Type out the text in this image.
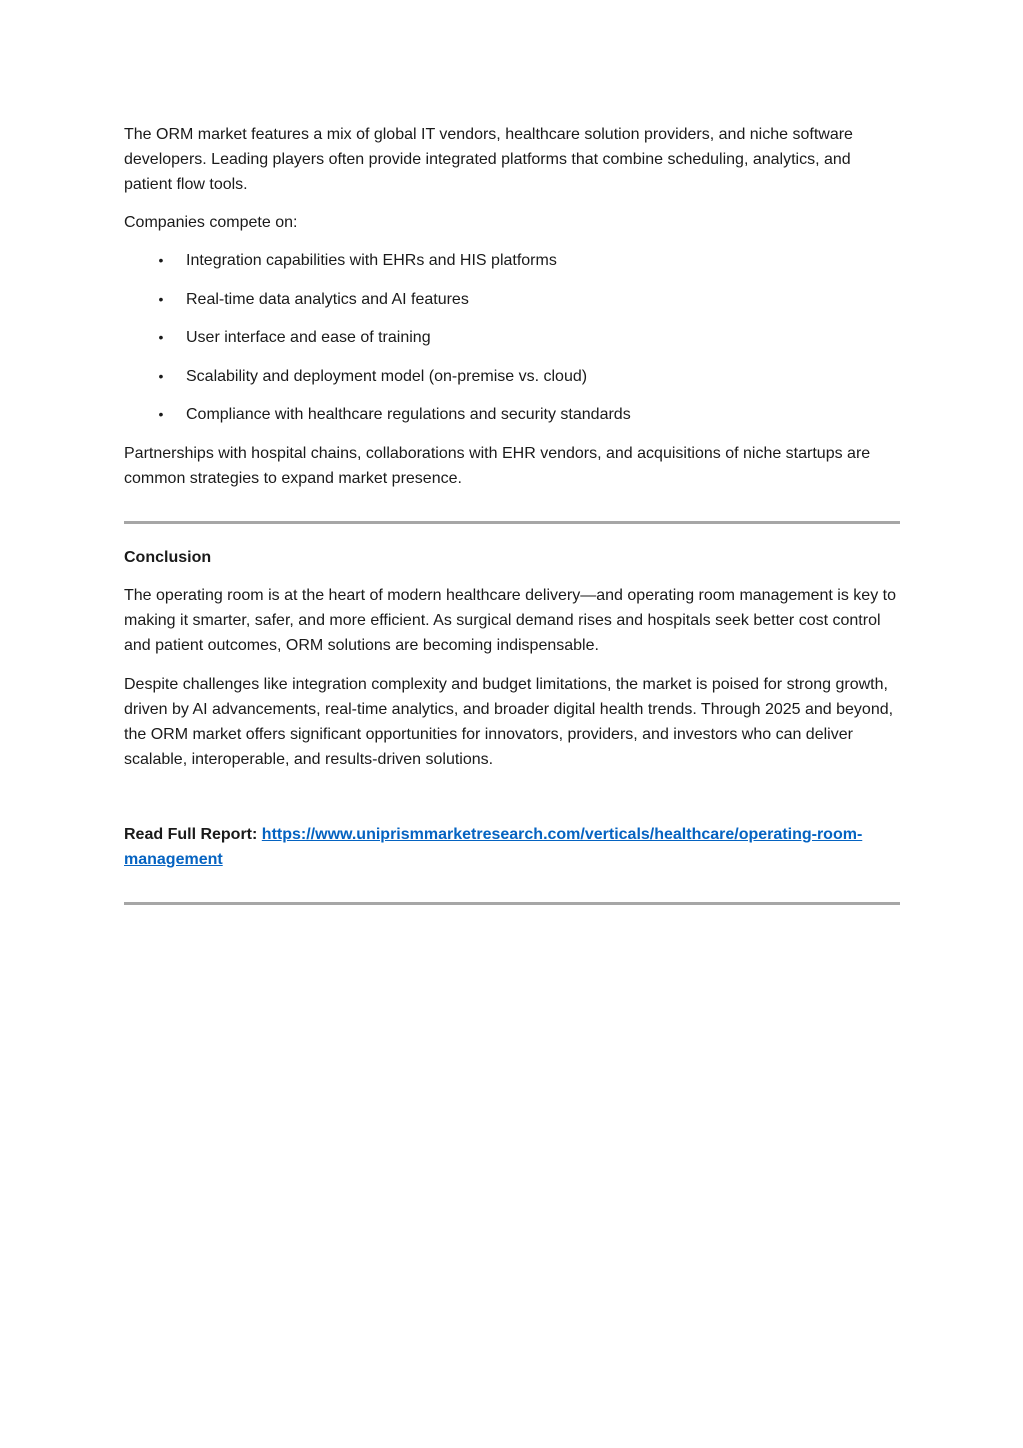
The ORM market features a mix of global IT vendors, healthcare solution providers, and niche software developers. Leading players often provide integrated platforms that combine scheduling, analytics, and patient flow tools.

Companies compete on:

• Integration capabilities with EHRs and HIS platforms
• Real-time data analytics and AI features
• User interface and ease of training
• Scalability and deployment model (on-premise vs. cloud)
• Compliance with healthcare regulations and security standards

Partnerships with hospital chains, collaborations with EHR vendors, and acquisitions of niche startups are common strategies to expand market presence.

Conclusion

The operating room is at the heart of modern healthcare delivery—and operating room management is key to making it smarter, safer, and more efficient. As surgical demand rises and hospitals seek better cost control and patient outcomes, ORM solutions are becoming indispensable.

Despite challenges like integration complexity and budget limitations, the market is poised for strong growth, driven by AI advancements, real-time analytics, and broader digital health trends. Through 2025 and beyond, the ORM market offers significant opportunities for innovators, providers, and investors who can deliver scalable, interoperable, and results-driven solutions.

Read Full Report: https://www.uniprismmarketresearch.com/verticals/healthcare/operating-room-management
